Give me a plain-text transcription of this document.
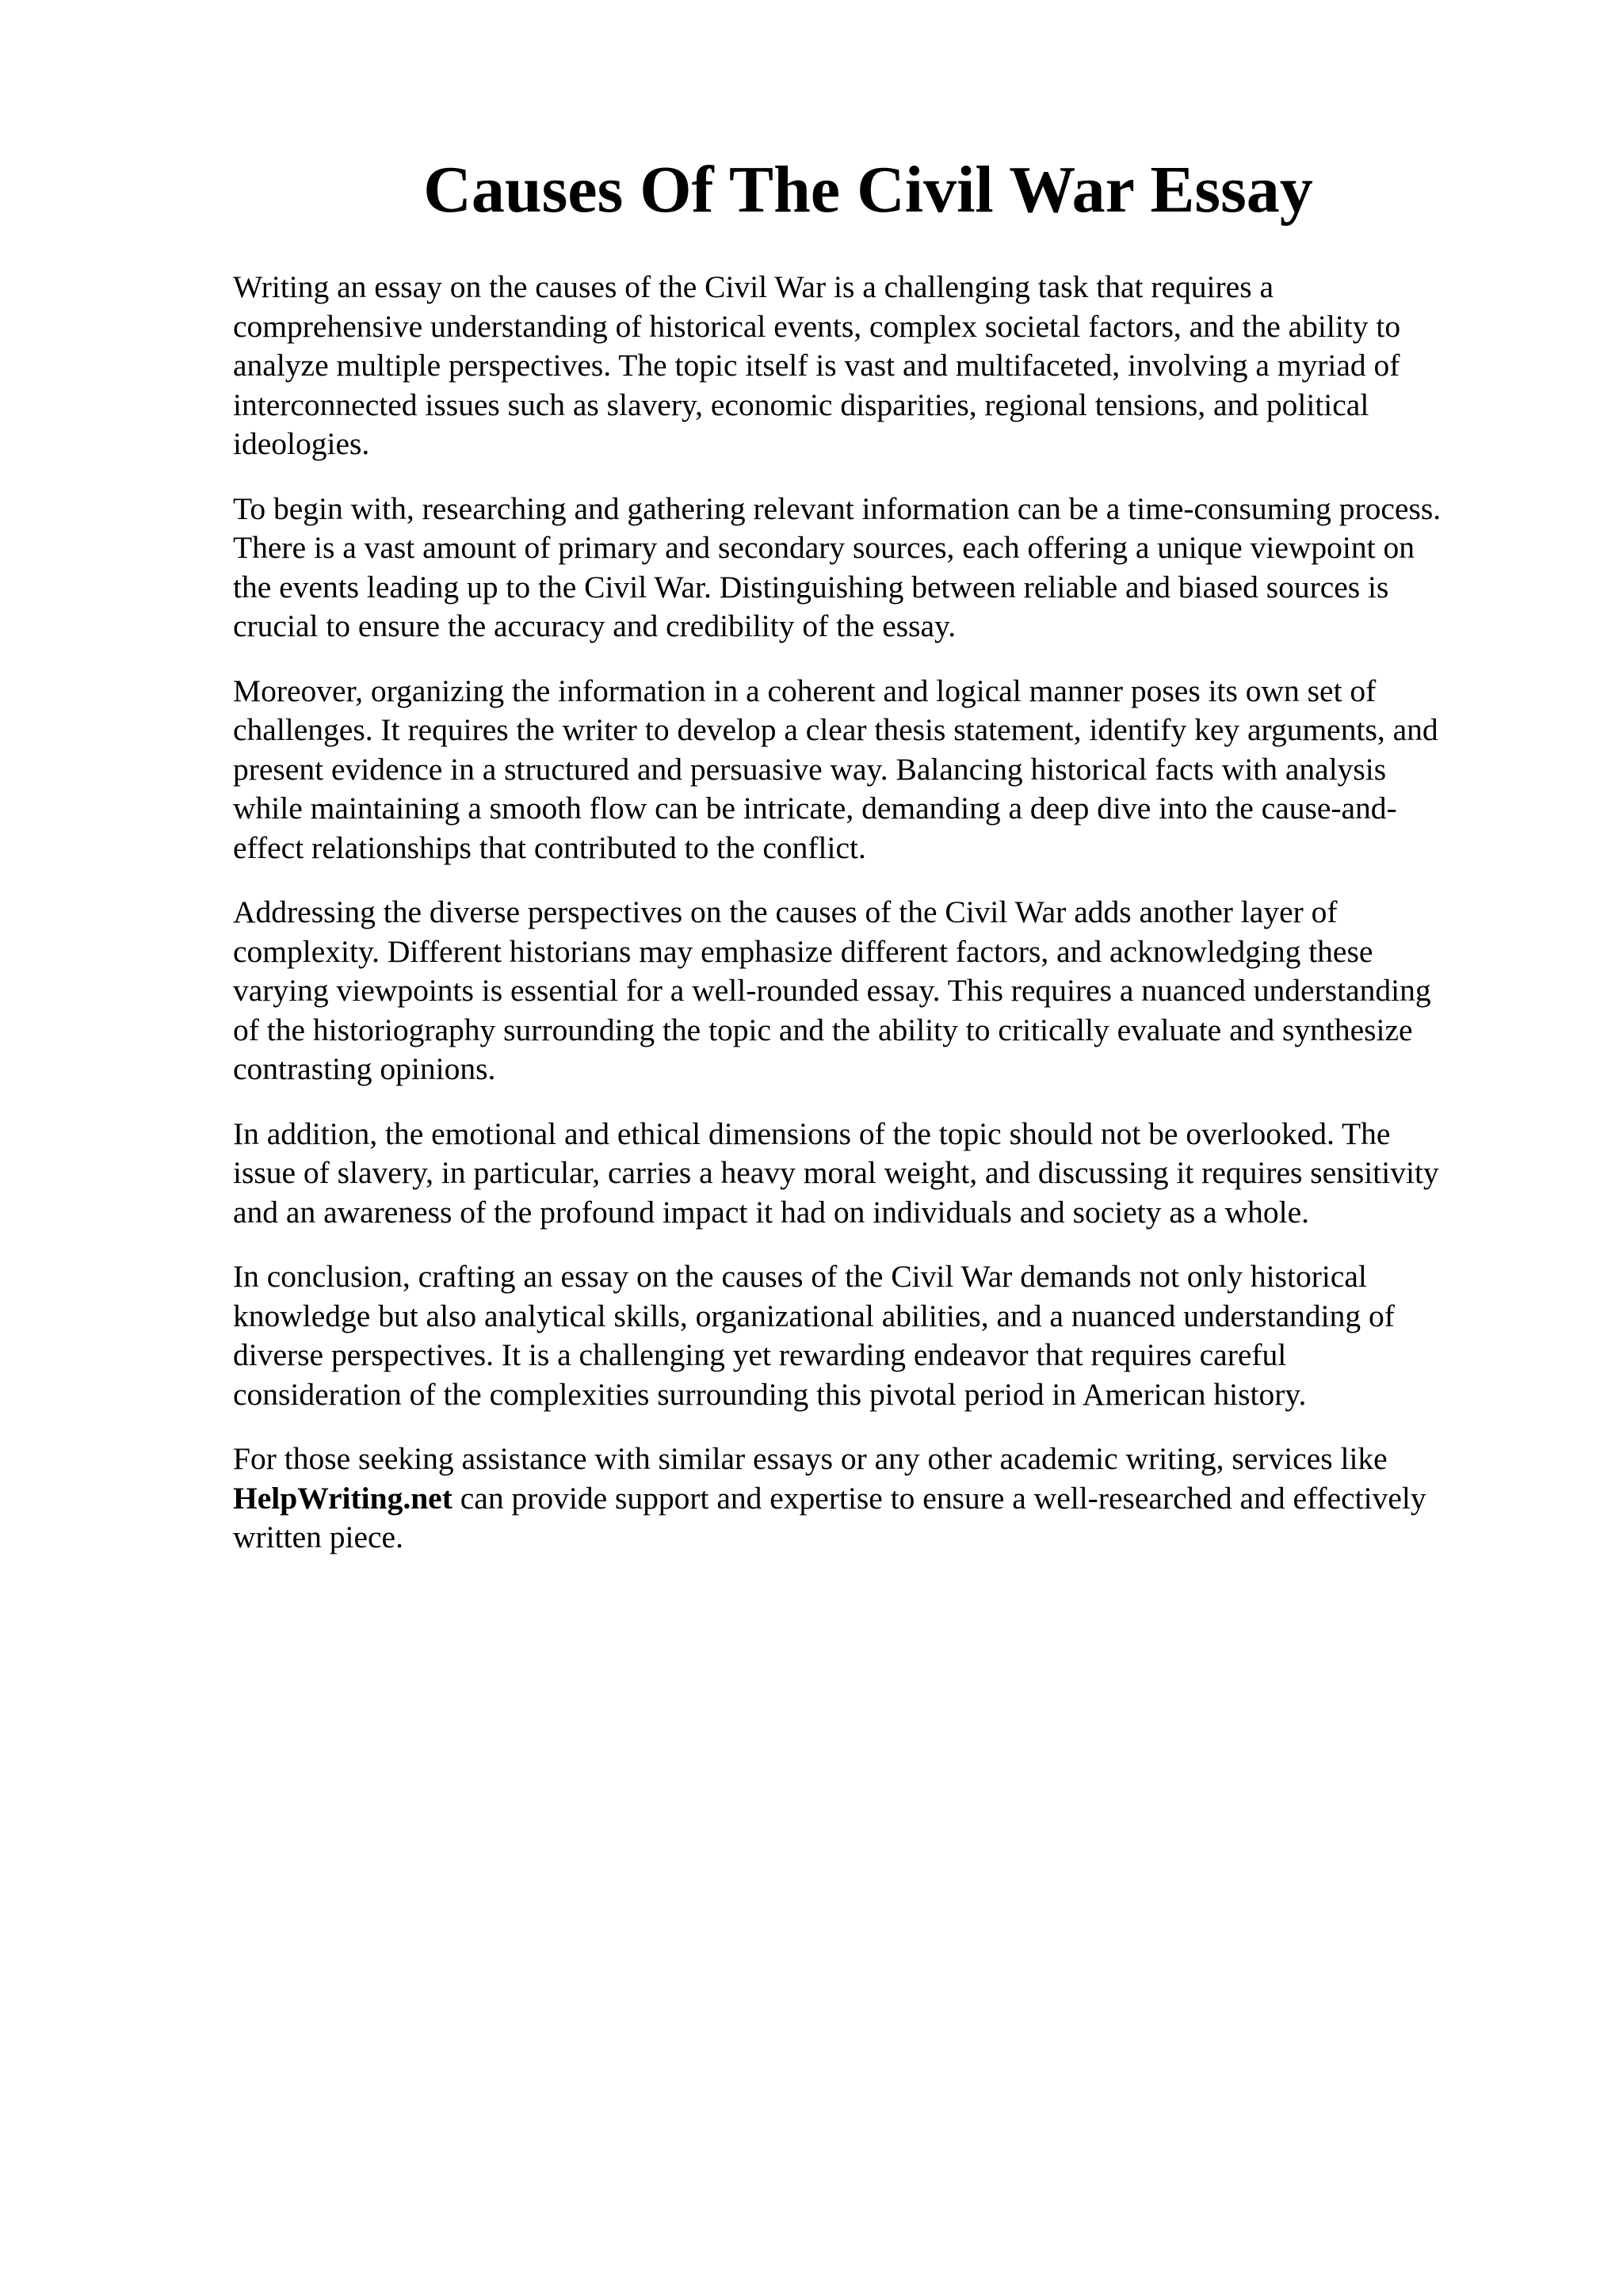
Causes Of The Civil War Essay

Writing an essay on the causes of the Civil War is a challenging task that requires a
comprehensive understanding of historical events, complex societal factors, and the ability to
analyze multiple perspectives. The topic itself is vast and multifaceted, involving a myriad of
interconnected issues such as slavery, economic disparities, regional tensions, and political
ideologies.

To begin with, researching and gathering relevant information can be a time-consuming process.
There is a vast amount of primary and secondary sources, each offering a unique viewpoint on
the events leading up to the Civil War. Distinguishing between reliable and biased sources is
crucial to ensure the accuracy and credibility of the essay.

Moreover, organizing the information in a coherent and logical manner poses its own set of
challenges. It requires the writer to develop a clear thesis statement, identify key arguments, and
present evidence in a structured and persuasive way. Balancing historical facts with analysis
while maintaining a smooth flow can be intricate, demanding a deep dive into the cause-and-
effect relationships that contributed to the conflict.

Addressing the diverse perspectives on the causes of the Civil War adds another layer of
complexity. Different historians may emphasize different factors, and acknowledging these
varying viewpoints is essential for a well-rounded essay. This requires a nuanced understanding
of the historiography surrounding the topic and the ability to critically evaluate and synthesize
contrasting opinions.

In addition, the emotional and ethical dimensions of the topic should not be overlooked. The
issue of slavery, in particular, carries a heavy moral weight, and discussing it requires sensitivity
and an awareness of the profound impact it had on individuals and society as a whole.

In conclusion, crafting an essay on the causes of the Civil War demands not only historical
knowledge but also analytical skills, organizational abilities, and a nuanced understanding of
diverse perspectives. It is a challenging yet rewarding endeavor that requires careful
consideration of the complexities surrounding this pivotal period in American history.

For those seeking assistance with similar essays or any other academic writing, services like
HelpWriting.net can provide support and expertise to ensure a well-researched and effectively
written piece.
